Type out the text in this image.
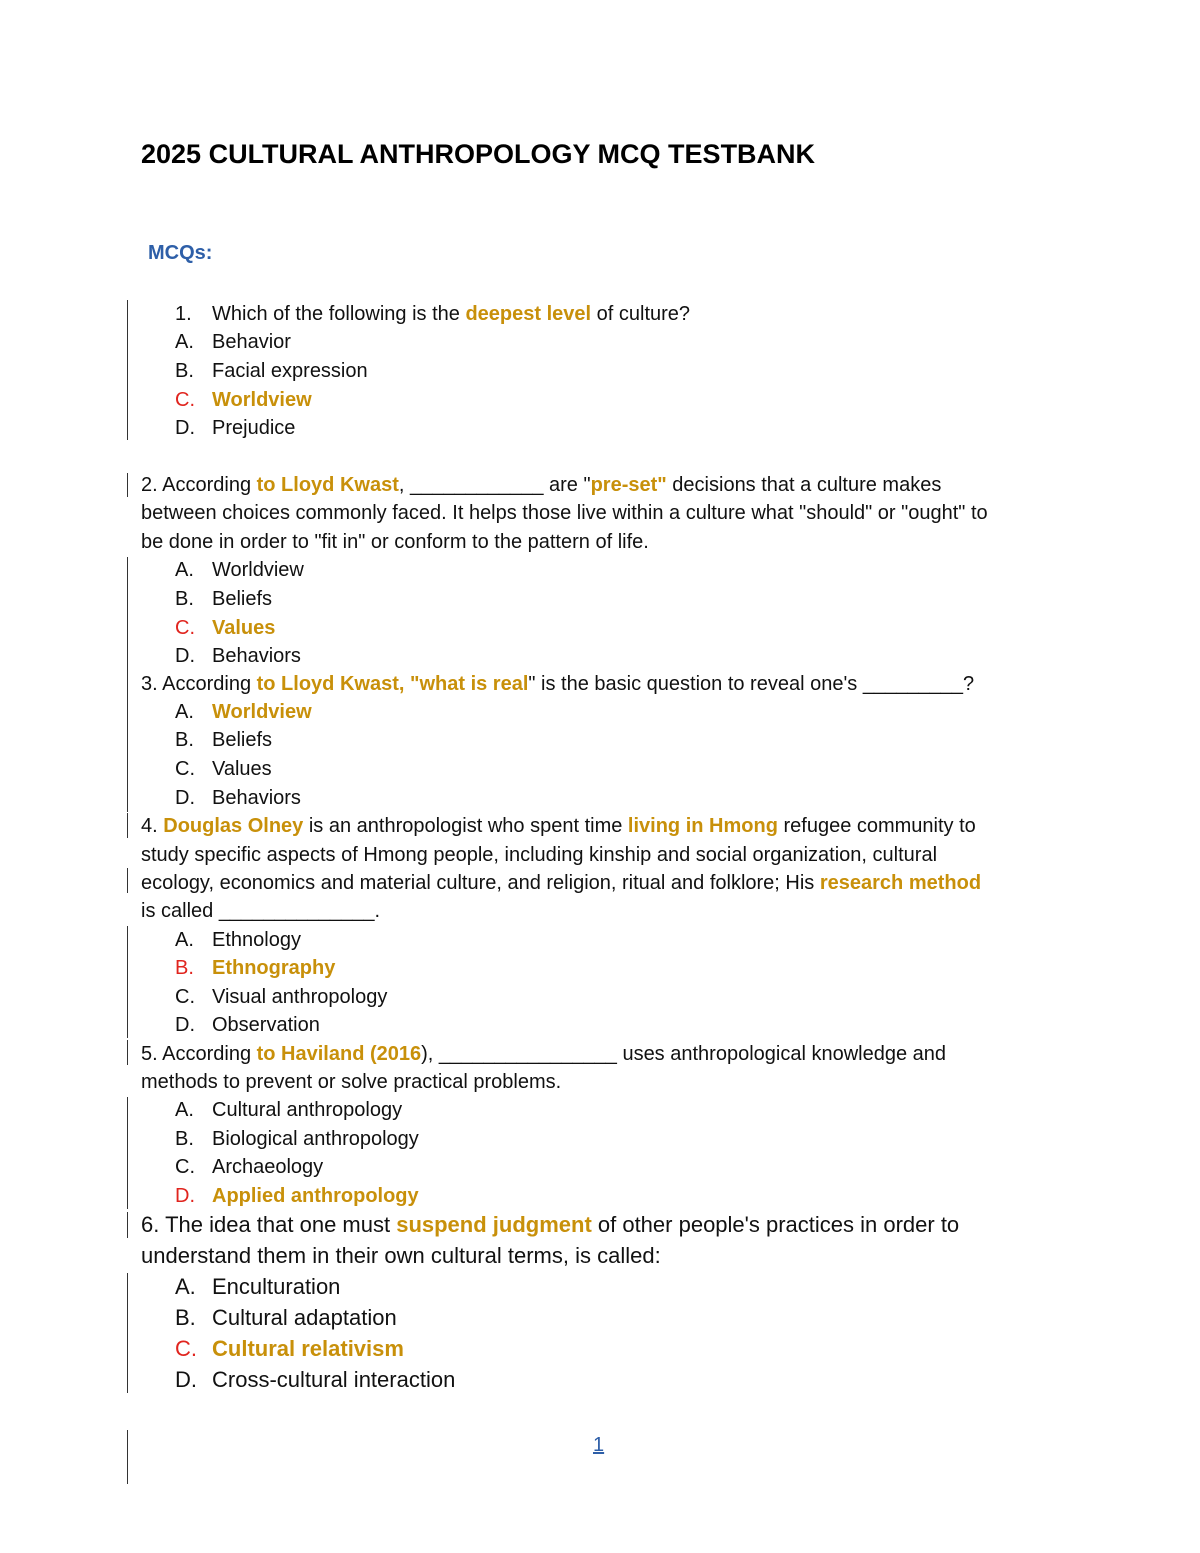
2025 CULTURAL ANTHROPOLOGY MCQ TESTBANK
MCQs:
1. Which of the following is the deepest level of culture?
A. Behavior
B. Facial expression
C. Worldview
D. Prejudice
2. According to Lloyd Kwast, ____________ are "pre-set" decisions that a culture makes
between choices commonly faced. It helps those live within a culture what "should" or "ought" to
be done in order to "fit in" or conform to the pattern of life.
A. Worldview
B. Beliefs
C. Values
D. Behaviors
3. According to Lloyd Kwast, "what is real" is the basic question to reveal one's _________?
A. Worldview
B. Beliefs
C. Values
D. Behaviors
4. Douglas Olney is an anthropologist who spent time living in Hmong refugee community to
study specific aspects of Hmong people, including kinship and social organization, cultural
ecology, economics and material culture, and religion, ritual and folklore; His research method
is called ______________.
A. Ethnology
B. Ethnography
C. Visual anthropology
D. Observation
5. According to Haviland (2016), ________________ uses anthropological knowledge and
methods to prevent or solve practical problems.
A. Cultural anthropology
B. Biological anthropology
C. Archaeology
D. Applied anthropology
6. The idea that one must suspend judgment of other people's practices in order to
understand them in their own cultural terms, is called:
A. Enculturation
B. Cultural adaptation
C. Cultural relativism
D. Cross-cultural interaction
1
